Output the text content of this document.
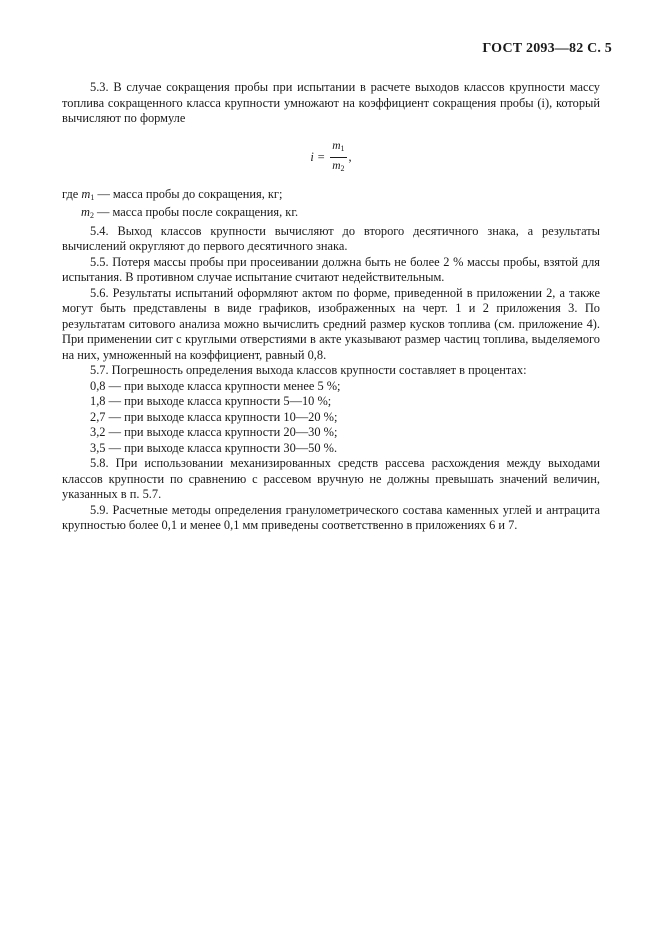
ГОСТ 2093—82 С. 5

5.3. В случае сокращения пробы при испытании в расчете выходов классов крупности массу топлива сокращенного класса крупности умножают на коэффициент сокращения пробы (i), который вычисляют по формуле

$i = \frac{m_1}{m_2}$ ,

где $m_1$ — масса пробы до сокращения, кг;

$m_2$ — масса пробы после сокращения, кг.

5.4. Выход классов крупности вычисляют до второго десятичного знака, а результаты вычислений округляют до первого десятичного знака.

5.5. Потеря массы пробы при просеивании должна быть не более 2 % массы пробы, взятой для испытания. В противном случае испытание считают недействительным.

5.6. Результаты испытаний оформляют актом по форме, приведенной в приложении 2, а также могут быть представлены в виде графиков, изображенных на черт. 1 и 2 приложения 3. По результатам ситового анализа можно вычислить средний размер кусков топлива (см. приложение 4). При применении сит с круглыми отверстиями в акте указывают размер частиц топлива, выделяемого на них, умноженный на коэффициент, равный 0,8.

5.7. Погрешность определения выхода классов крупности составляет в процентах:

0,8 — при выходе класса крупности менее 5 %;

1,8 — при выходе класса крупности 5—10 %;

2,7 — при выходе класса крупности 10—20 %;

3,2 — при выходе класса крупности 20—30 %;

3,5 — при выходе класса крупности 30—50 %.

5.8. При использовании механизированных средств рассева расхождения между выходами классов крупности по сравнению с рассевом вручную не должны превышать значений величин, указанных в п. 5.7.

5.9. Расчетные методы определения гранулометрического состава каменных углей и антрацита крупностью более 0,1 и менее 0,1 мм приведены соответственно в приложениях 6 и 7.

.
